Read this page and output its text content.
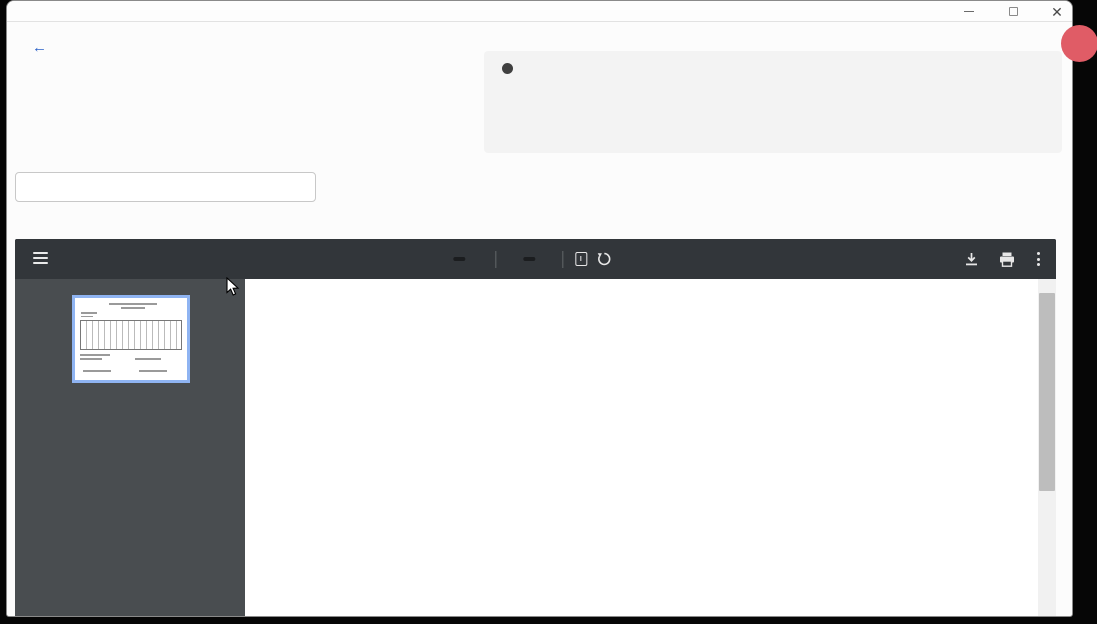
✕
←
